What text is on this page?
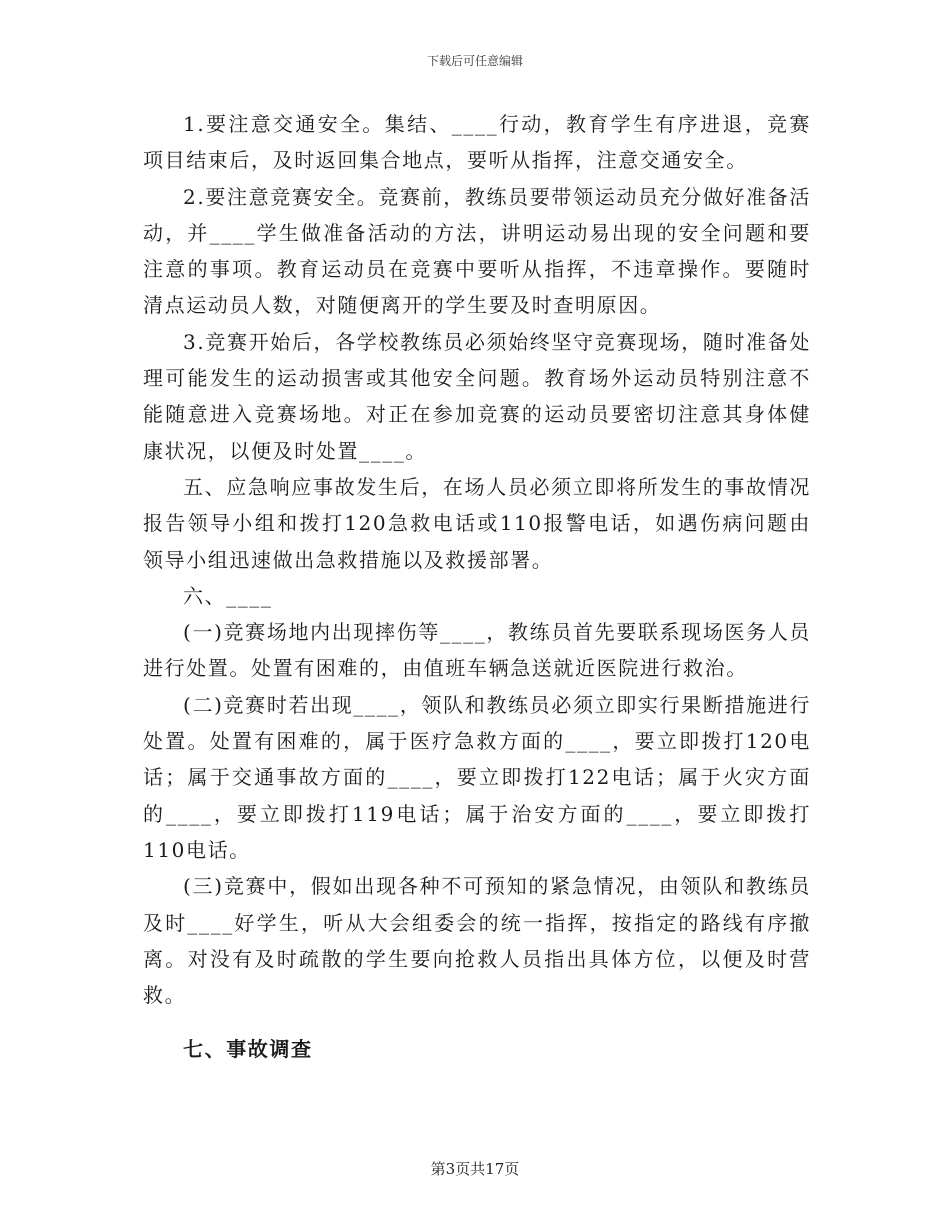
下载后可任意编辑

1.要注意交通安全。集结、____行动，教育学生有序进退，竞赛项目结束后，及时返回集合地点，要听从指挥，注意交通安全。

2.要注意竞赛安全。竞赛前，教练员要带领运动员充分做好准备活动，并____学生做准备活动的方法，讲明运动易出现的安全问题和要注意的事项。教育运动员在竞赛中要听从指挥，不违章操作。要随时清点运动员人数，对随便离开的学生要及时查明原因。

3.竞赛开始后，各学校教练员必须始终坚守竞赛现场，随时准备处理可能发生的运动损害或其他安全问题。教育场外运动员特别注意不能随意进入竞赛场地。对正在参加竞赛的运动员要密切注意其身体健康状况，以便及时处置____。

五、应急响应事故发生后，在场人员必须立即将所发生的事故情况报告领导小组和拨打120急救电话或110报警电话，如遇伤病问题由领导小组迅速做出急救措施以及救援部署。

六、____

(一)竞赛场地内出现摔伤等____，教练员首先要联系现场医务人员进行处置。处置有困难的，由值班车辆急送就近医院进行救治。

(二)竞赛时若出现____，领队和教练员必须立即实行果断措施进行处置。处置有困难的，属于医疗急救方面的____，要立即拨打120电话；属于交通事故方面的____，要立即拨打122电话；属于火灾方面的____，要立即拨打119电话；属于治安方面的____，要立即拨打110电话。

(三)竞赛中，假如出现各种不可预知的紧急情况，由领队和教练员及时____好学生，听从大会组委会的统一指挥，按指定的路线有序撤离。对没有及时疏散的学生要向抢救人员指出具体方位，以便及时营救。

七、事故调查

第3页共17页
